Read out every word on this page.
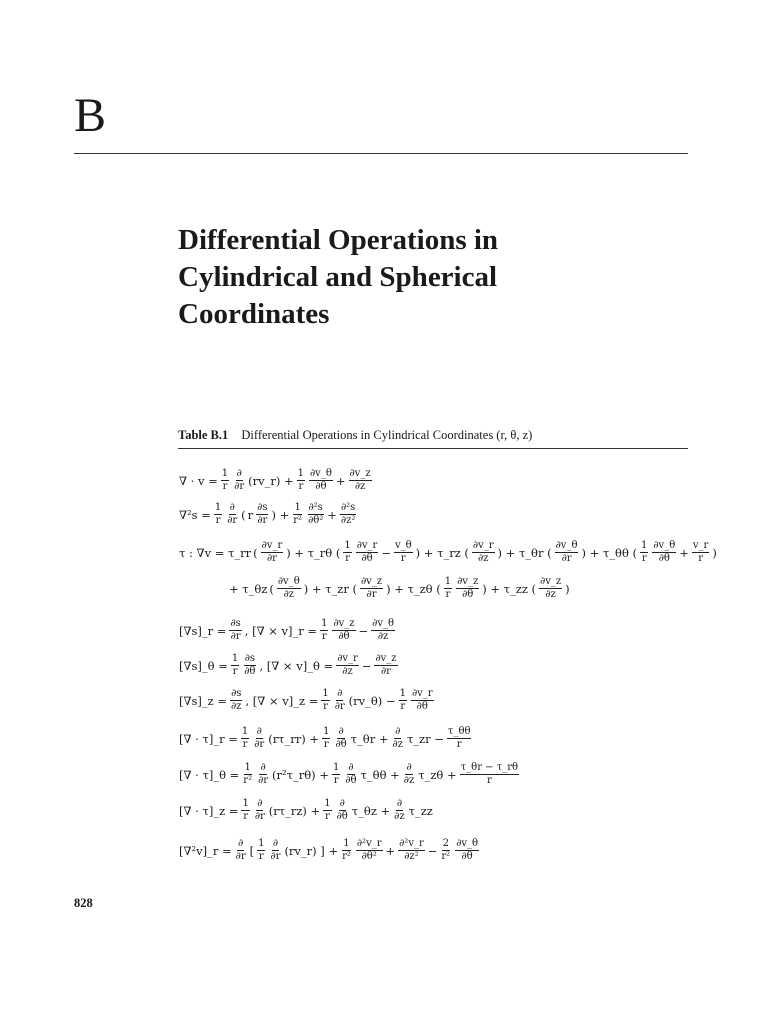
B
Differential Operations in
Cylindrical and Spherical
Coordinates
Table B.1 Differential Operations in Cylindrical Coordinates (r, θ, z)
∇ · $v = \frac{1}{r} \frac{\partial}{\partial r}$ (rv_r) + $\frac{1}{r} \frac{\partial v\_\theta}{\partial\theta} + \frac{\partial v\_z}{\partial z}$
$\nabla^2s = \frac{1}{r} \frac{\partial}{\partial r}$ ( r $\frac{\partial s}{\partial r}$ ) + $\frac{1}{\text{r²}} \frac{\text{∂²s}}{\text{∂θ²}} + \frac{\text{∂²s}}{\text{∂z²}}$
τ : ∇v = τ_rr ( $\frac{\partial v\_r}{\partial r}$ ) + τ_rθ ( $\frac{1}{r} \frac{\partial v\_r}{\partial\theta} - \frac{v\_\theta}{r}$ ) + τ_rz ( $\frac{\partial v\_r}{\partial z}$ ) + τ_θr ( $\frac{\partial v\_\theta}{\partial r}$ ) + τ_θθ ( $\frac{1}{r} \frac{\partial v\_\theta}{\partial\theta} + \frac{v\_r}{r}$ )
+ τ_θz ( $\frac{\partial v\_\theta}{\partial z}$ ) + τ_zr ( $\frac{\partial v\_z}{\partial r}$ ) + τ_zθ ( $\frac{1}{r} \frac{\partial v\_z}{\partial\theta}$ ) + τ_zz ( $\frac{\partial v\_z}{\partial z}$ )
[∇s]_r = $\frac{\partial s}{\partial r}$ , [∇ × v]_r = $\frac{1}{r} \frac{\partial v\_z}{\partial\theta} - \frac{\partial v\_\theta}{\partial z}$
[∇s]_θ = $\frac{1}{r} \frac{\partial s}{\partial\theta}$ , [∇ × v]_θ = $\frac{\partial v\_r}{\partial z} - \frac{\partial v\_z}{\partial r}$
[∇s]_z = $\frac{\partial s}{\partial z}$ , [∇ × v]_z = $\frac{1}{r} \frac{\partial}{\partial r}$ (rv_θ) − $\frac{1}{r} \frac{\partial v\_r}{\partial\theta}$
[∇ · τ]_r = $\frac{1}{r} \frac{\partial}{\partial r}$ (rτ_rr) + $\frac{1}{r} \frac{\partial}{\partial\theta}$ τ_θr + $\frac{\partial}{\partial z}$ τ_zr − $\frac{\tau\_\theta\theta}{r}$
[∇ · τ]_θ = $\frac{1}{\text{r²}} \frac{\partial}{\partial r}$ (r²τ_rθ) + $\frac{1}{r} \frac{\partial}{\partial\theta}$ τ_θθ + $\frac{\partial}{\partial z}$ τ_zθ + $\frac{\tau\_\theta r - \tau\_r\theta}{r}$
[∇ · τ]_z = $\frac{1}{r} \frac{\partial}{\partial r}$ (rτ_rz) + $\frac{1}{r} \frac{\partial}{\partial\theta}$ τ_θz + $\frac{\partial}{\partial z}$ τ_zz
[∇²v]_r = $\frac{\partial}{\partial r}$ [ $\frac{1}{r} \frac{\partial}{\partial r}$ (rv_r) ] + $\frac{1}{\text{r²}} \frac{\text{∂²v\_r}}{\text{∂θ²}} + \frac{\text{∂²v\_r}}{\text{∂z²}} - \frac{2}{\text{r²}} \frac{\partial v\_\theta}{\partial\theta}$
828
